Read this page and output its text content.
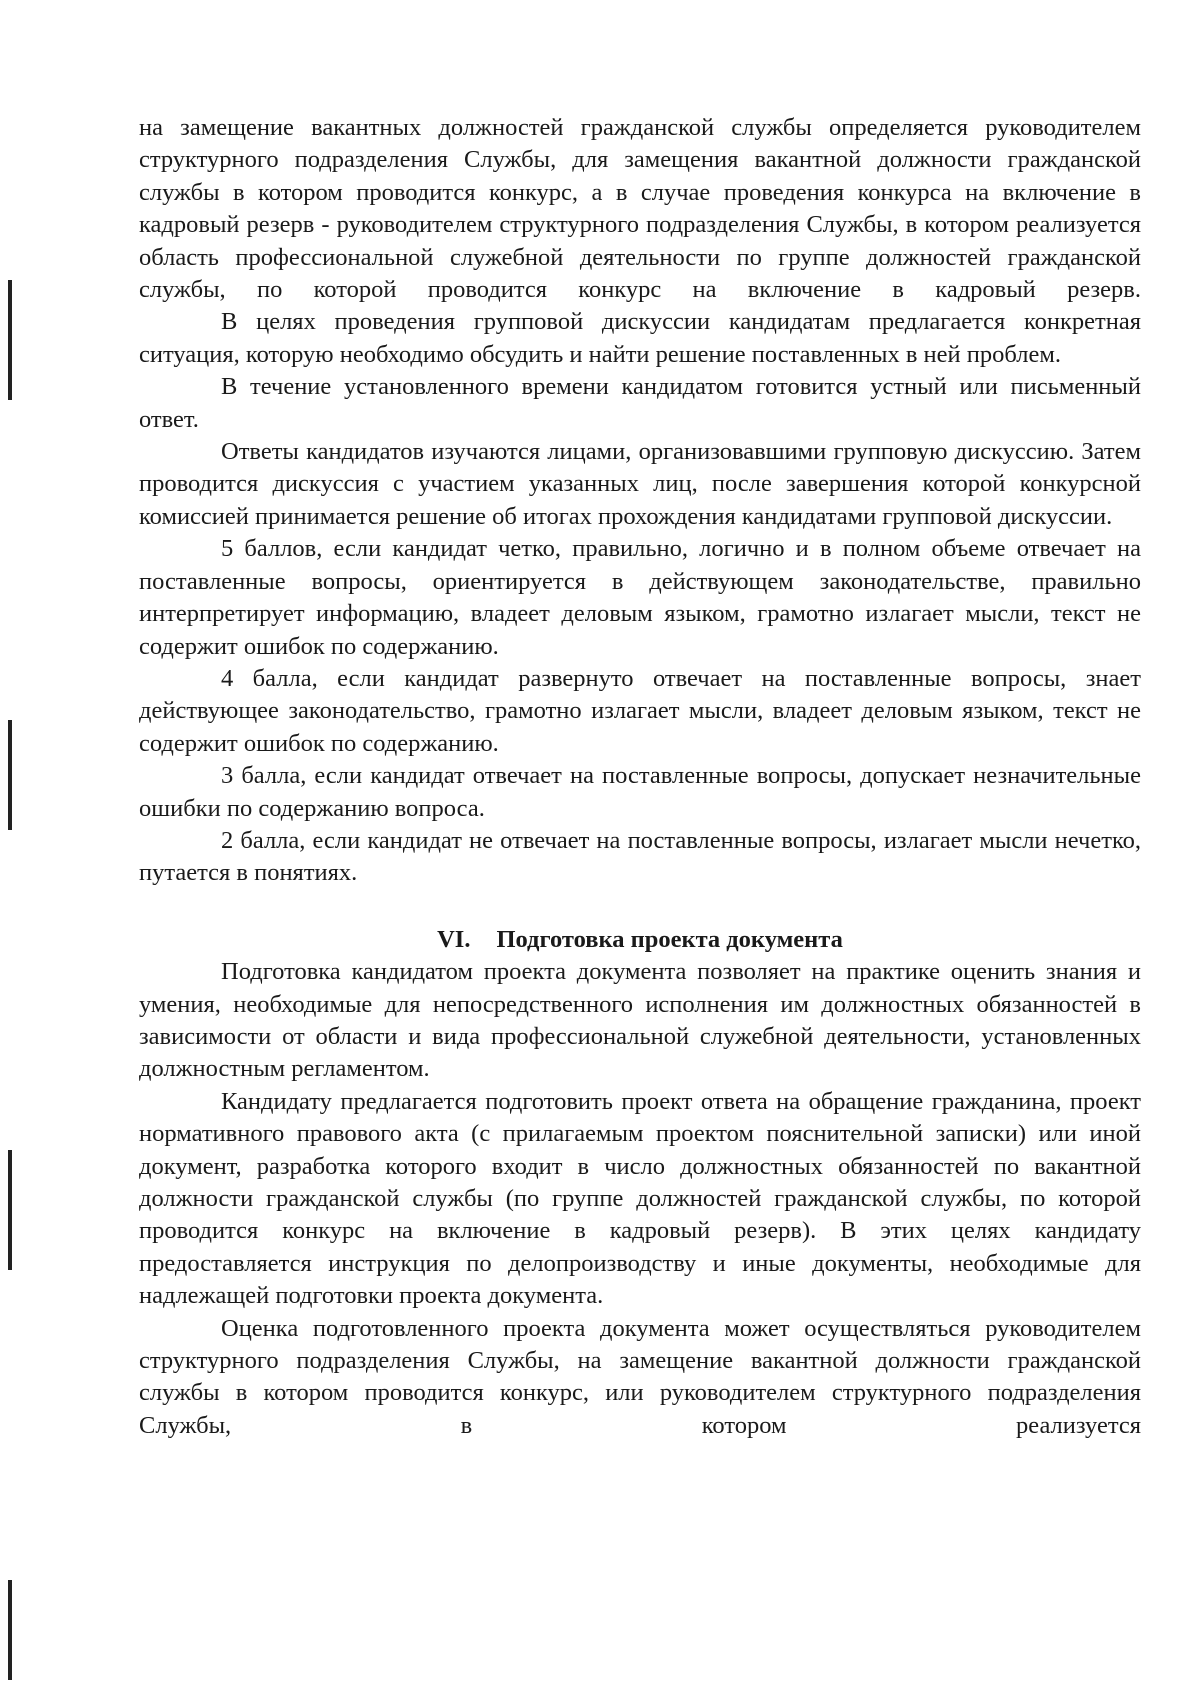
на замещение вакантных должностей гражданской службы определяется руководителем структурного подразделения Службы, для замещения вакантной должности гражданской службы в котором проводится конкурс, а в случае проведения конкурса на включение в кадровый резерв - руководителем структурного подразделения Службы, в котором реализуется область профессиональной служебной деятельности по группе должностей гражданской службы, по которой проводится конкурс на включение в кадровый резерв.

В целях проведения групповой дискуссии кандидатам предлагается конкретная ситуация, которую необходимо обсудить и найти решение поставленных в ней проблем.

В течение установленного времени кандидатом готовится устный или письменный ответ.

Ответы кандидатов изучаются лицами, организовавшими групповую дискуссию. Затем проводится дискуссия с участием указанных лиц, после завершения которой конкурсной комиссией принимается решение об итогах прохождения кандидатами групповой дискуссии.

5 баллов, если кандидат четко, правильно, логично и в полном объеме отвечает на поставленные вопросы, ориентируется в действующем законодательстве, правильно интерпретирует информацию, владеет деловым языком, грамотно излагает мысли, текст не содержит ошибок по содержанию.

4 балла, если кандидат развернуто отвечает на поставленные вопросы, знает действующее законодательство, грамотно излагает мысли, владеет деловым языком, текст не содержит ошибок по содержанию.

3 балла, если кандидат отвечает на поставленные вопросы, допускает незначительные ошибки по содержанию вопроса.

2 балла, если кандидат не отвечает на поставленные вопросы, излагает мысли нечетко, путается в понятиях.

VI. Подготовка проекта документа

Подготовка кандидатом проекта документа позволяет на практике оценить знания и умения, необходимые для непосредственного исполнения им должностных обязанностей в зависимости от области и вида профессиональной служебной деятельности, установленных должностным регламентом.

Кандидату предлагается подготовить проект ответа на обращение гражданина, проект нормативного правового акта (с прилагаемым проектом пояснительной записки) или иной документ, разработка которого входит в число должностных обязанностей по вакантной должности гражданской службы (по группе должностей гражданской службы, по которой проводится конкурс на включение в кадровый резерв). В этих целях кандидату предоставляется инструкция по делопроизводству и иные документы, необходимые для надлежащей подготовки проекта документа.

Оценка подготовленного проекта документа может осуществляться руководителем структурного подразделения Службы, на замещение вакантной должности гражданской службы в котором проводится конкурс, или руководителем структурного подразделения Службы, в котором реализуется
